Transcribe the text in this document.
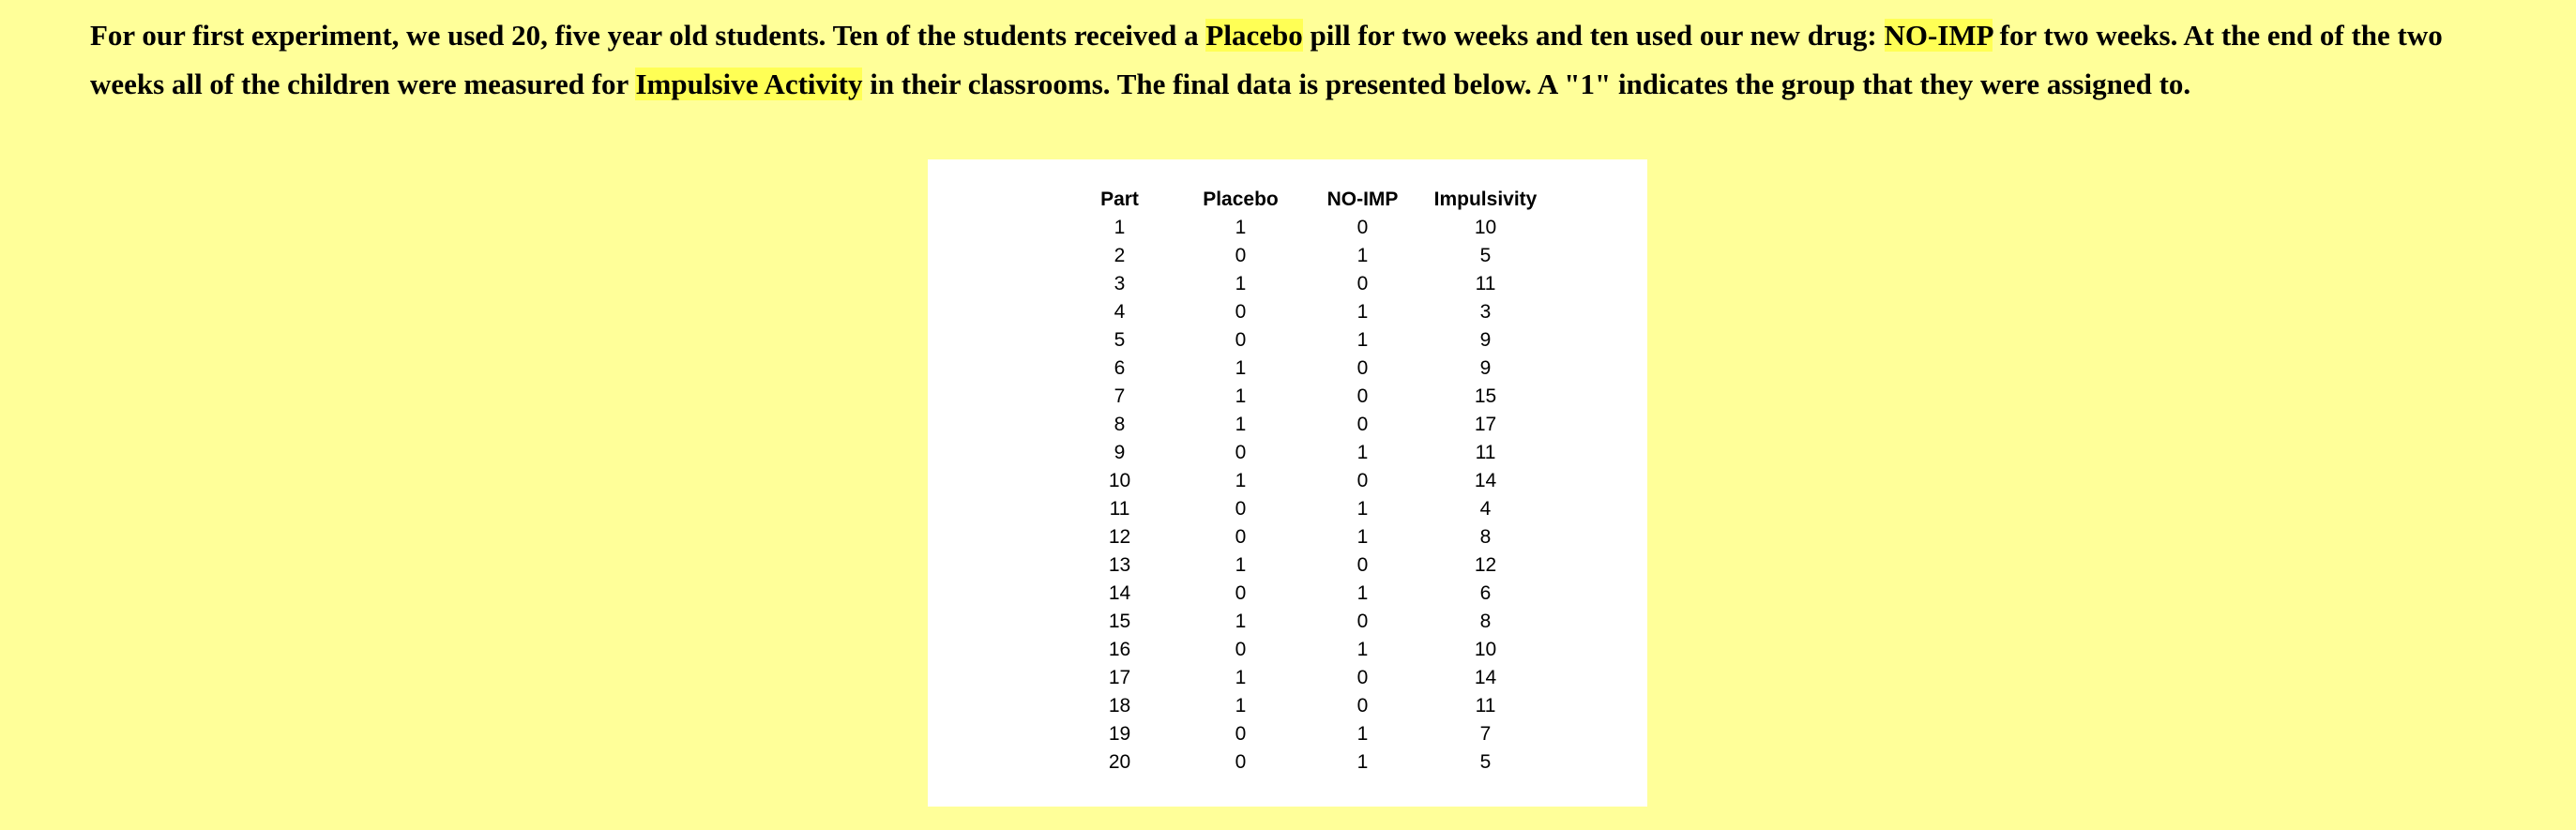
For our first experiment, we used 20, five year old students. Ten of the students received a Placebo pill for two weeks and ten used our new drug: NO-IMP for two weeks. At the end of the two weeks all of the children were measured for Impulsive Activity in their classrooms. The final data is presented below. A "1" indicates the group that they were assigned to.

Part	Placebo	NO-IMP	Impulsivity
1	1	0	10
2	0	1	5
3	1	0	11
4	0	1	3
5	0	1	9
6	1	0	9
7	1	0	15
8	1	0	17
9	0	1	11
10	1	0	14
11	0	1	4
12	0	1	8
13	1	0	12
14	0	1	6
15	1	0	8
16	0	1	10
17	1	0	14
18	1	0	11
19	0	1	7
20	0	1	5
